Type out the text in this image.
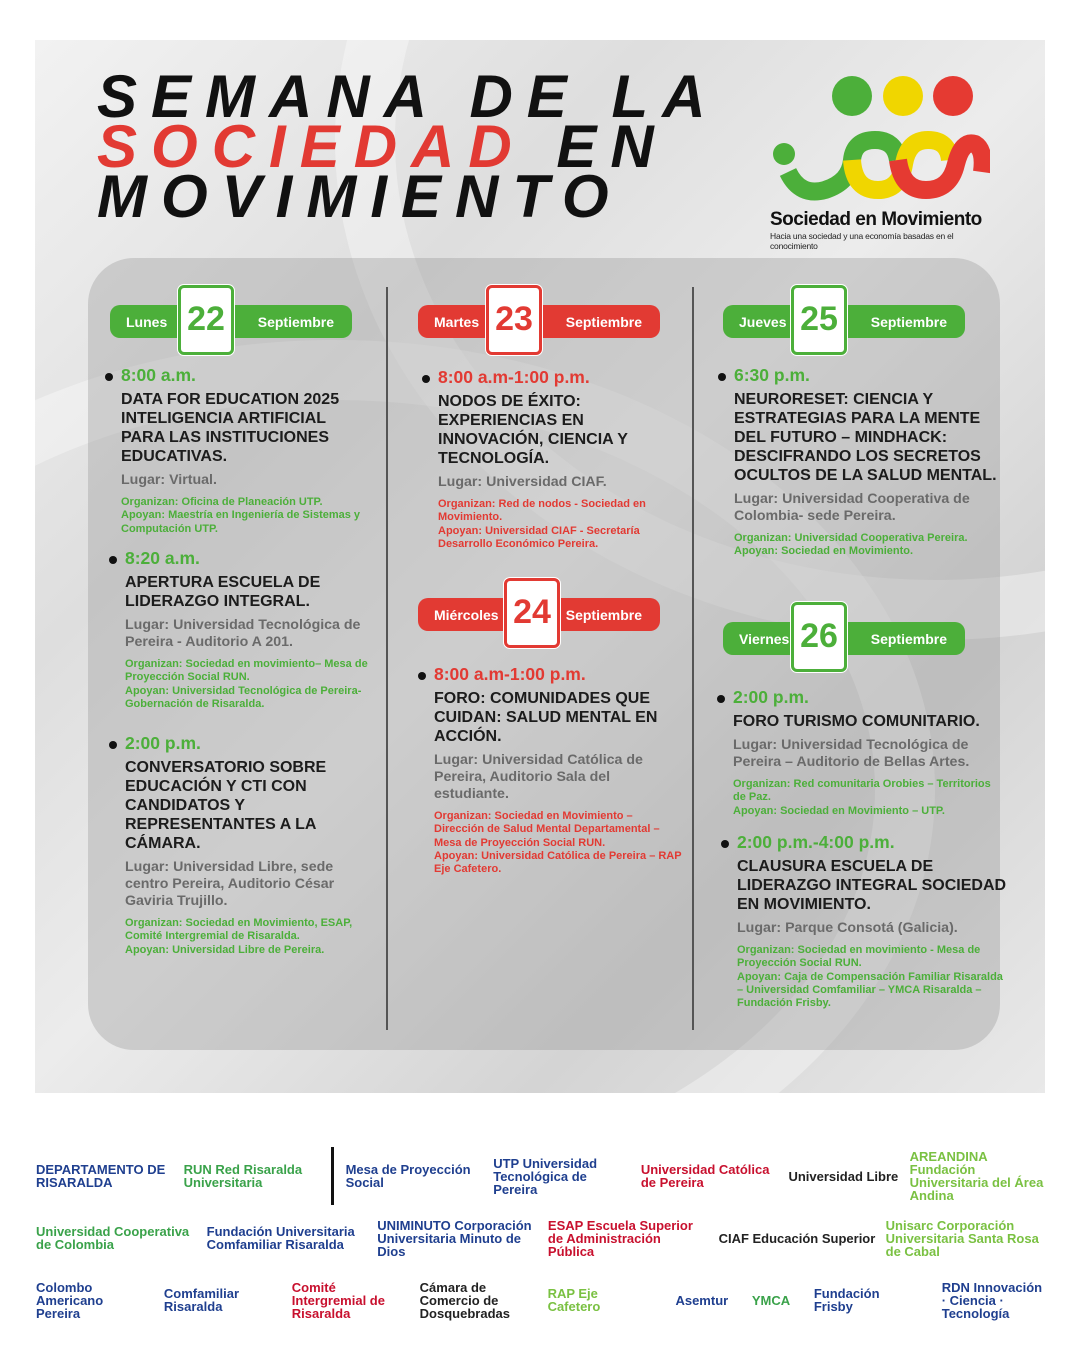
SEMANA DE LA
SOCIEDAD EN
MOVIMIENTO	Sociedad en Movimiento
Hacia una sociedad y una economía basadas en el conocimiento
Lunes	Septiembre
22	Martes	Septiembre
23
Miércoles	Septiembre
24
Jueves	Septiembre
25
Viernes	Septiembre
26
8:00 a.m.
DATA FOR EDUCATION 2025 INTELIGENCIA ARTIFICIAL PARA LAS INSTITUCIONES EDUCATIVAS.
Lugar: Virtual.
Organizan: Oficina de Planeación UTP.
Apoyan: Maestría en Ingeniería de Sistemas y Computación UTP.
8:20 a.m.
APERTURA ESCUELA DE LIDERAZGO INTEGRAL.
Lugar: Universidad Tecnológica de Pereira - Auditorio A 201.
Organizan: Sociedad en movimiento– Mesa de Proyección Social RUN.
Apoyan: Universidad Tecnológica de Pereira-Gobernación de Risaralda.
2:00 p.m.
CONVERSATORIO SOBRE EDUCACIÓN Y CTI CON CANDIDATOS Y REPRESENTANTES A LA CÁMARA.
Lugar: Universidad Libre, sede centro Pereira, Auditorio César Gaviria Trujillo.
Organizan: Sociedad en Movimiento, ESAP, Comité Intergremial de Risaralda.
Apoyan: Universidad Libre de Pereira.
8:00 a.m-1:00 p.m.
NODOS DE ÉXITO: EXPERIENCIAS EN INNOVACIÓN, CIENCIA Y TECNOLOGÍA.
Lugar: Universidad CIAF.
Organizan: Red de nodos - Sociedad en Movimiento.
Apoyan: Universidad CIAF - Secretaría Desarrollo Económico Pereira.
8:00 a.m-1:00 p.m.
FORO: COMUNIDADES QUE CUIDAN: SALUD MENTAL EN ACCIÓN.
Lugar: Universidad Católica de Pereira, Auditorio Sala del estudiante.
Organizan: Sociedad en Movimiento – Dirección de Salud Mental Departamental – Mesa de Proyección Social RUN.
Apoyan: Universidad Católica de Pereira – RAP Eje Cafetero.
6:30 p.m.
NEURORESET: CIENCIA Y ESTRATEGIAS PARA LA MENTE DEL FUTURO – MINDHACK: DESCIFRANDO LOS SECRETOS OCULTOS DE LA SALUD MENTAL.
Lugar: Universidad Cooperativa de Colombia- sede Pereira.
Organizan: Universidad Cooperativa Pereira.
Apoyan: Sociedad en Movimiento.
2:00 p.m.
FORO TURISMO COMUNITARIO.
Lugar: Universidad Tecnológica de Pereira – Auditorio de Bellas Artes.
Organizan: Red comunitaria Orobies – Territorios de Paz.
Apoyan: Sociedad en Movimiento – UTP.
2:00 p.m.-4:00 p.m.
CLAUSURA ESCUELA DE LIDERAZGO INTEGRAL SOCIEDAD EN MOVIMIENTO.
Lugar: Parque Consotá (Galicia).
Organizan: Sociedad en movimiento - Mesa de Proyección Social RUN.
Apoyan: Caja de Compensación Familiar Risaralda – Universidad Comfamiliar – YMCA Risaralda – Fundación Frisby.
DEPARTAMENTO DE RISARALDA
RUN Red Risaralda Universitaria
Mesa de Proyección Social
UTP Universidad Tecnológica de Pereira
Universidad Católica de Pereira	Universidad Libre
AREANDINA Fundación Universitaria del Área Andina
Universidad Cooperativa de Colombia
Fundación Universitaria Comfamiliar Risaralda
UNIMINUTO Corporación Universitaria Minuto de Dios
ESAP Escuela Superior de Administración Pública
CIAF Educación Superior
Unisarc Corporación Universitaria Santa Rosa de Cabal
Colombo Americano Pereira
Comfamiliar Risaralda
Comité Intergremial de Risaralda
Cámara de Comercio de Dosquebradas
RAP Eje Cafetero	Asemtur YMCA Fundación Frisby
RDN Innovación · Ciencia · Tecnología
